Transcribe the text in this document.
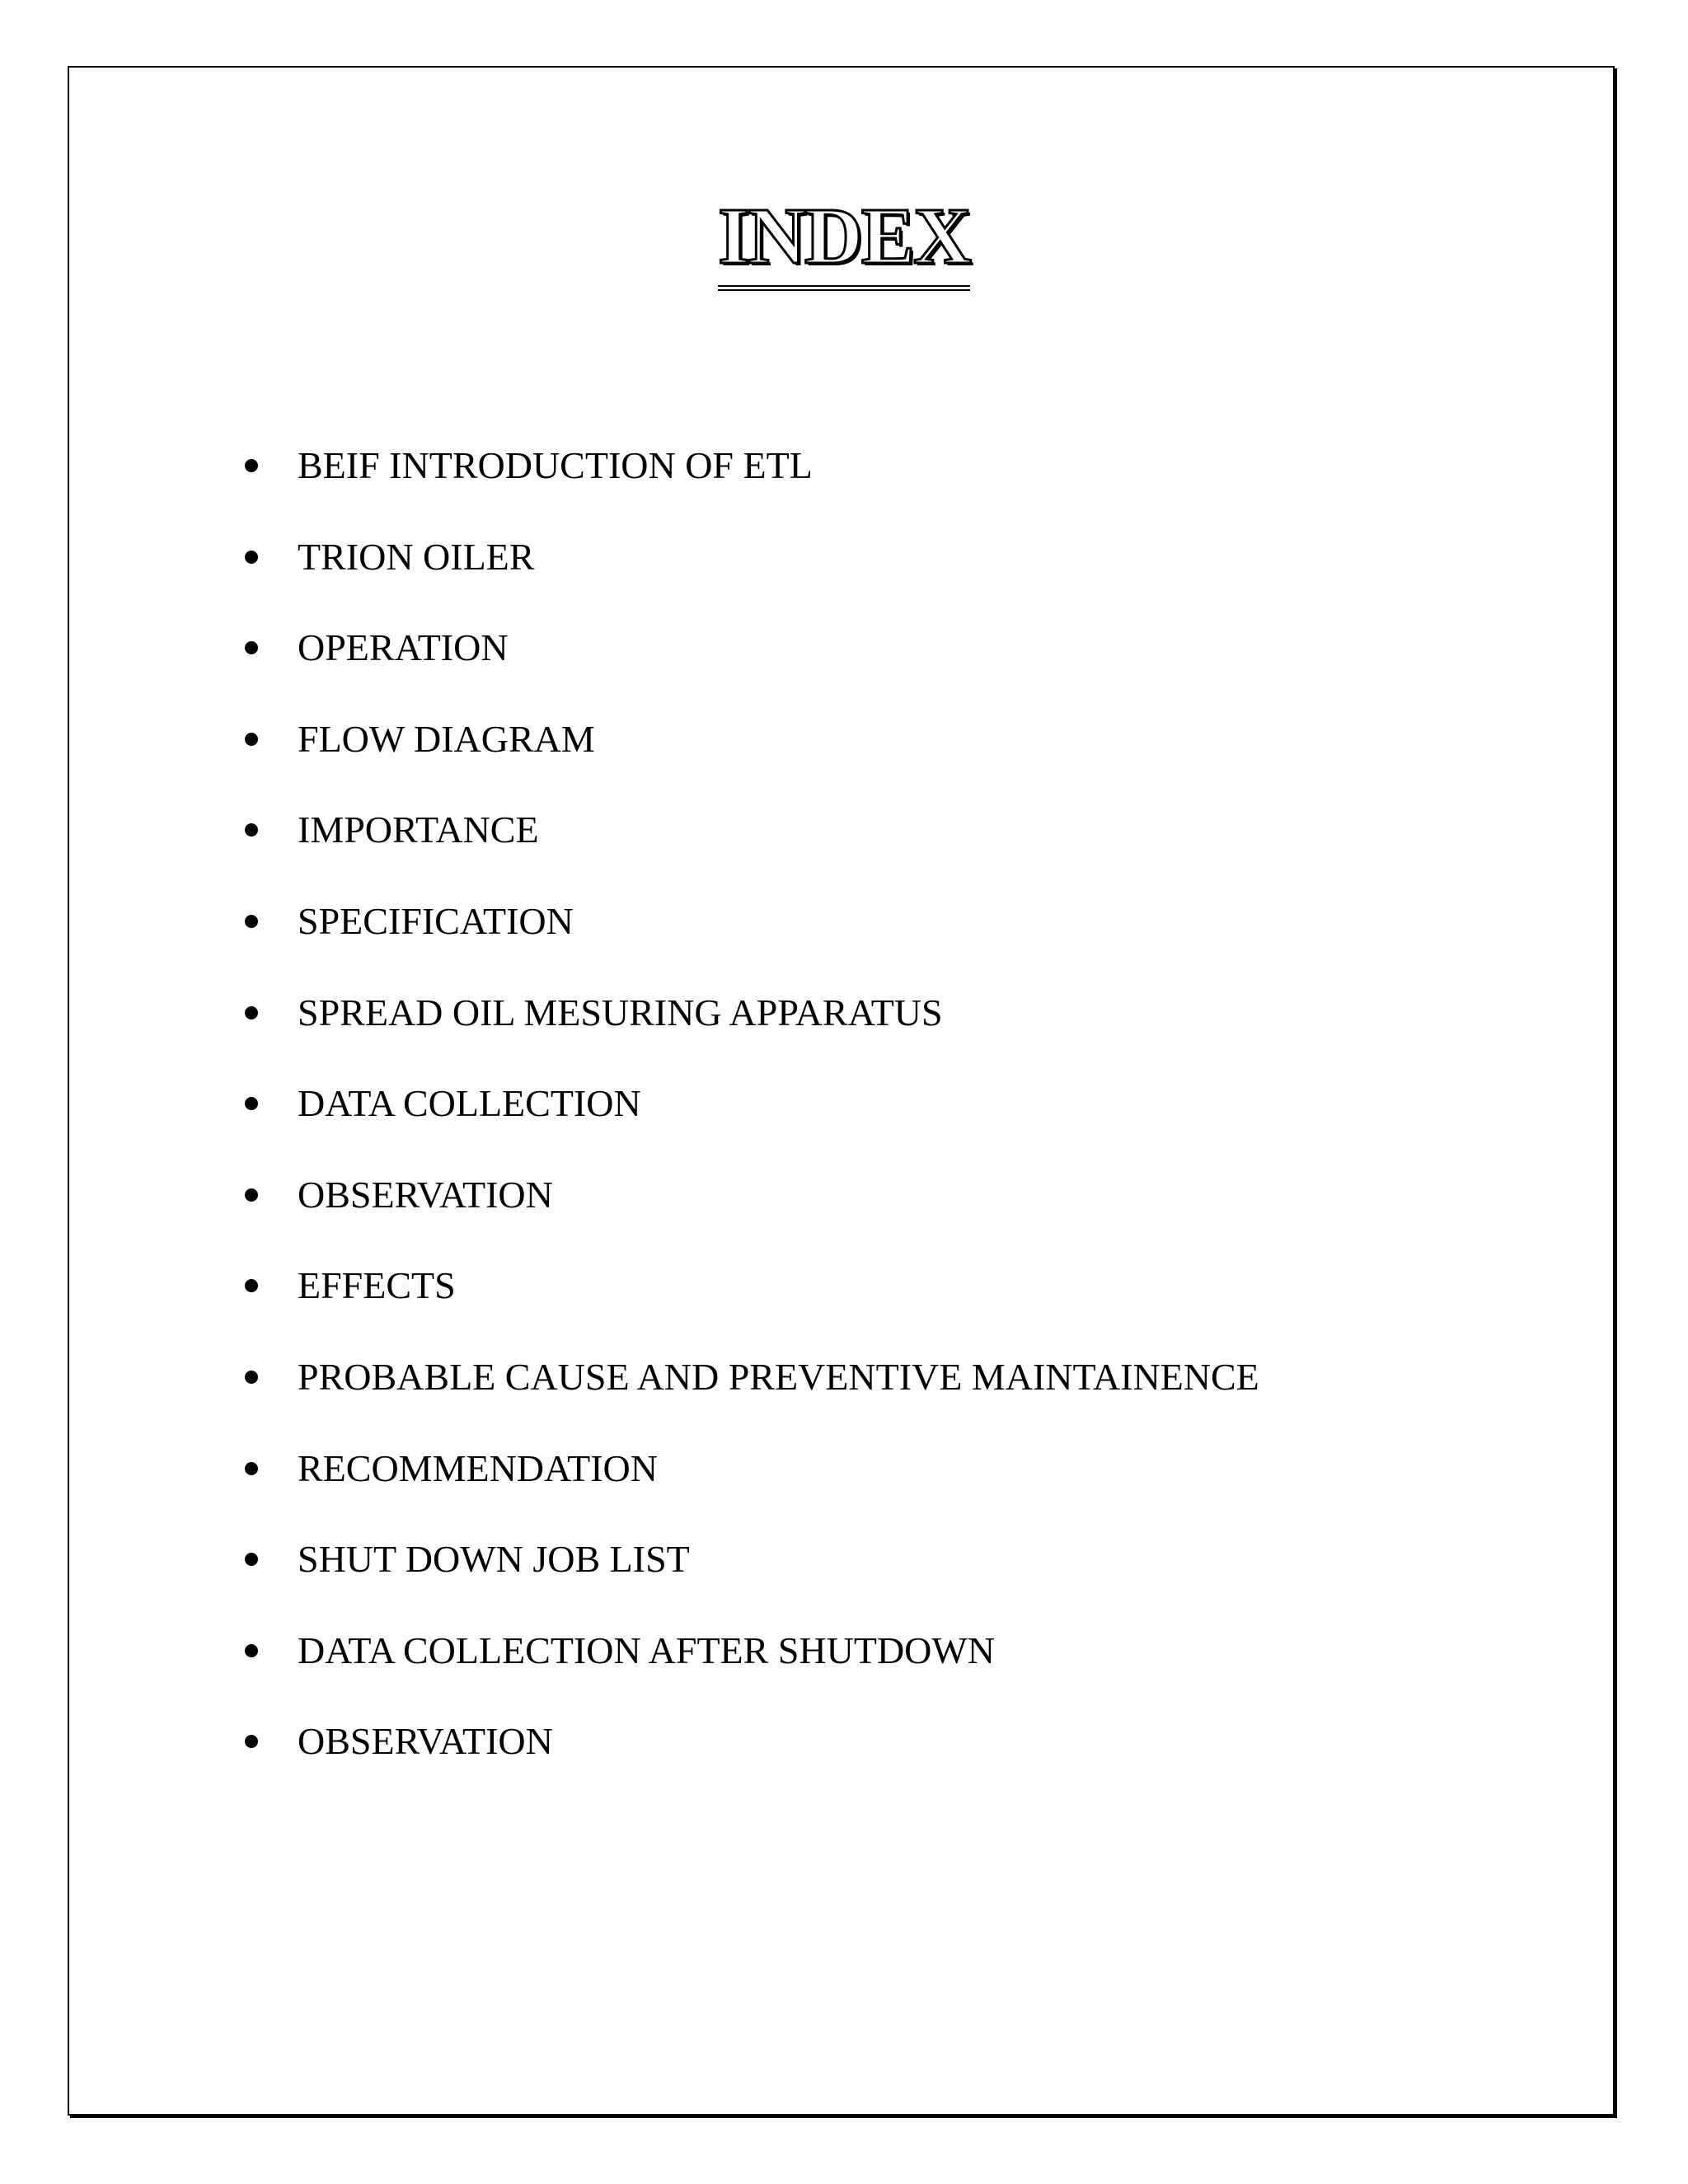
INDEX
BEIF INTRODUCTION OF ETL
TRION OILER
OPERATION
FLOW DIAGRAM
IMPORTANCE
SPECIFICATION
SPREAD OIL MESURING APPARATUS
DATA COLLECTION
OBSERVATION
EFFECTS
PROBABLE CAUSE AND PREVENTIVE MAINTAINENCE
RECOMMENDATION
SHUT DOWN JOB LIST
DATA COLLECTION AFTER SHUTDOWN
OBSERVATION
